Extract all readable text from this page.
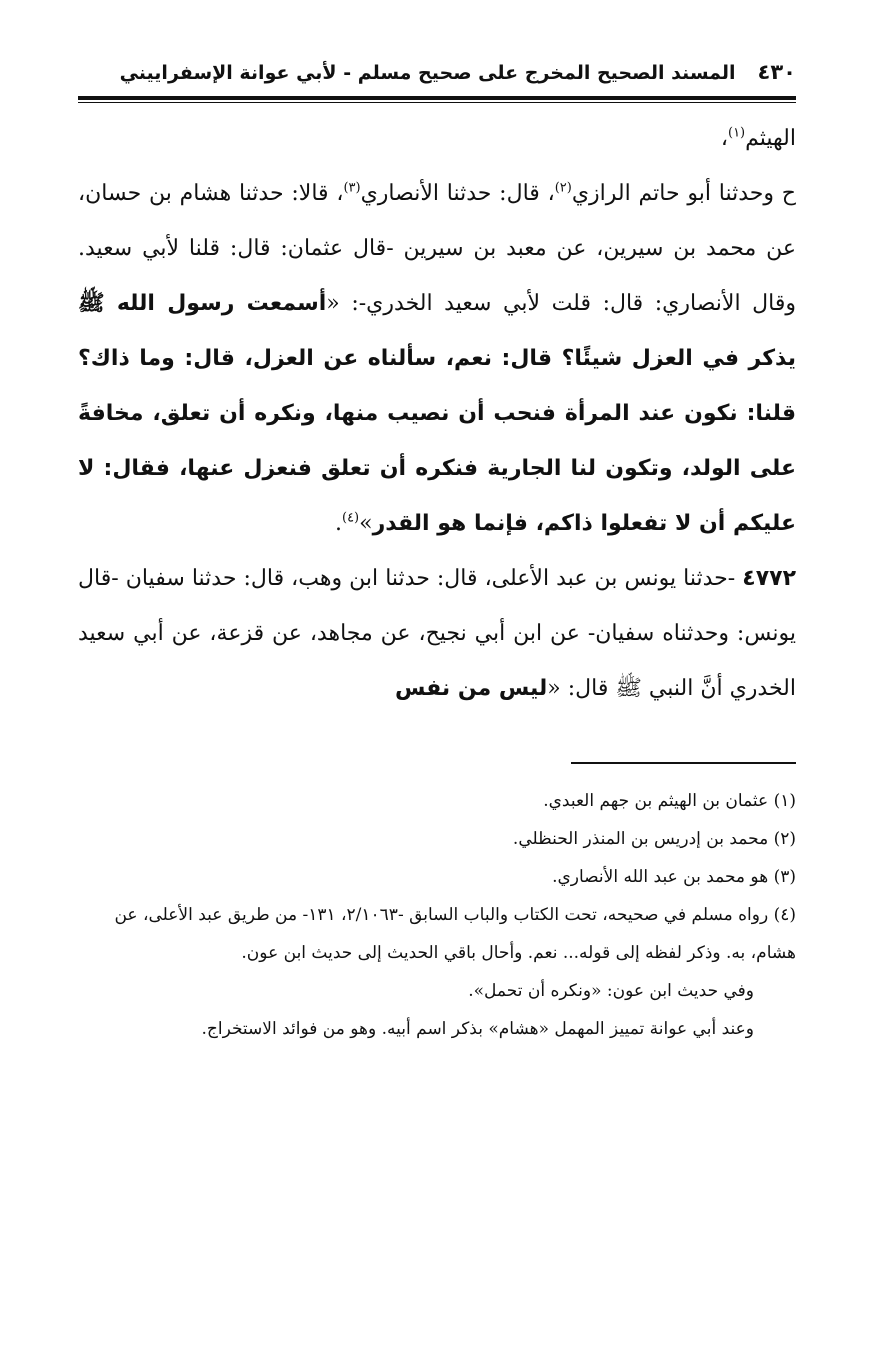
٤٣٠
المسند الصحيح المخرج على صحيح مسلم - لأبي عوانة الإسفراييني

الهيثم$^{(١)}$،

ح وحدثنا أبو حاتم الرازي$^{(٢)}$، قال: حدثنا الأنصاري$^{(٣)}$، قالا: حدثنا هشام بن حسان، عن محمد بن سيرين، عن معبد بن سيرين -قال عثمان: قال: قلنا لأبي سعيد. وقال الأنصاري: قال: قلت لأبي سعيد الخدري-: «أسمعت رسول الله ﷺ يذكر في العزل شيئًا؟ قال: نعم، سألناه عن العزل، قال: وما ذاك؟ قلنا: نكون عند المرأة فنحب أن نصيب منها، ونكره أن تعلق، مخافةً على الولد، وتكون لنا الجارية فنكره أن تعلق فنعزل عنها، فقال: لا عليكم أن لا تفعلوا ذاكم، فإنما هو القدر»$^{(٤)}$.

٤٧٧٢ -حدثنا يونس بن عبد الأعلى، قال: حدثنا ابن وهب، قال: حدثنا سفيان -قال يونس: وحدثناه سفيان- عن ابن أبي نجيح، عن مجاهد، عن قزعة، عن أبي سعيد الخدري أنَّ النبي ﷺ قال: «ليس من نفس

(١) عثمان بن الهيثم بن جهم العبدي.

(٢) محمد بن إدريس بن المنذر الحنظلي.

(٣) هو محمد بن عبد الله الأنصاري.

(٤) رواه مسلم في صحيحه، تحت الكتاب والباب السابق -٢/١٠٦٣، ١٣١- من طريق عبد الأعلى، عن هشام، به. وذكر لفظه إلى قوله... نعم. وأحال باقي الحديث إلى حديث ابن عون.

وفي حديث ابن عون: «ونكره أن تحمل».

وعند أبي عوانة تمييز المهمل «هشام» بذكر اسم أبيه. وهو من فوائد الاستخراج.
